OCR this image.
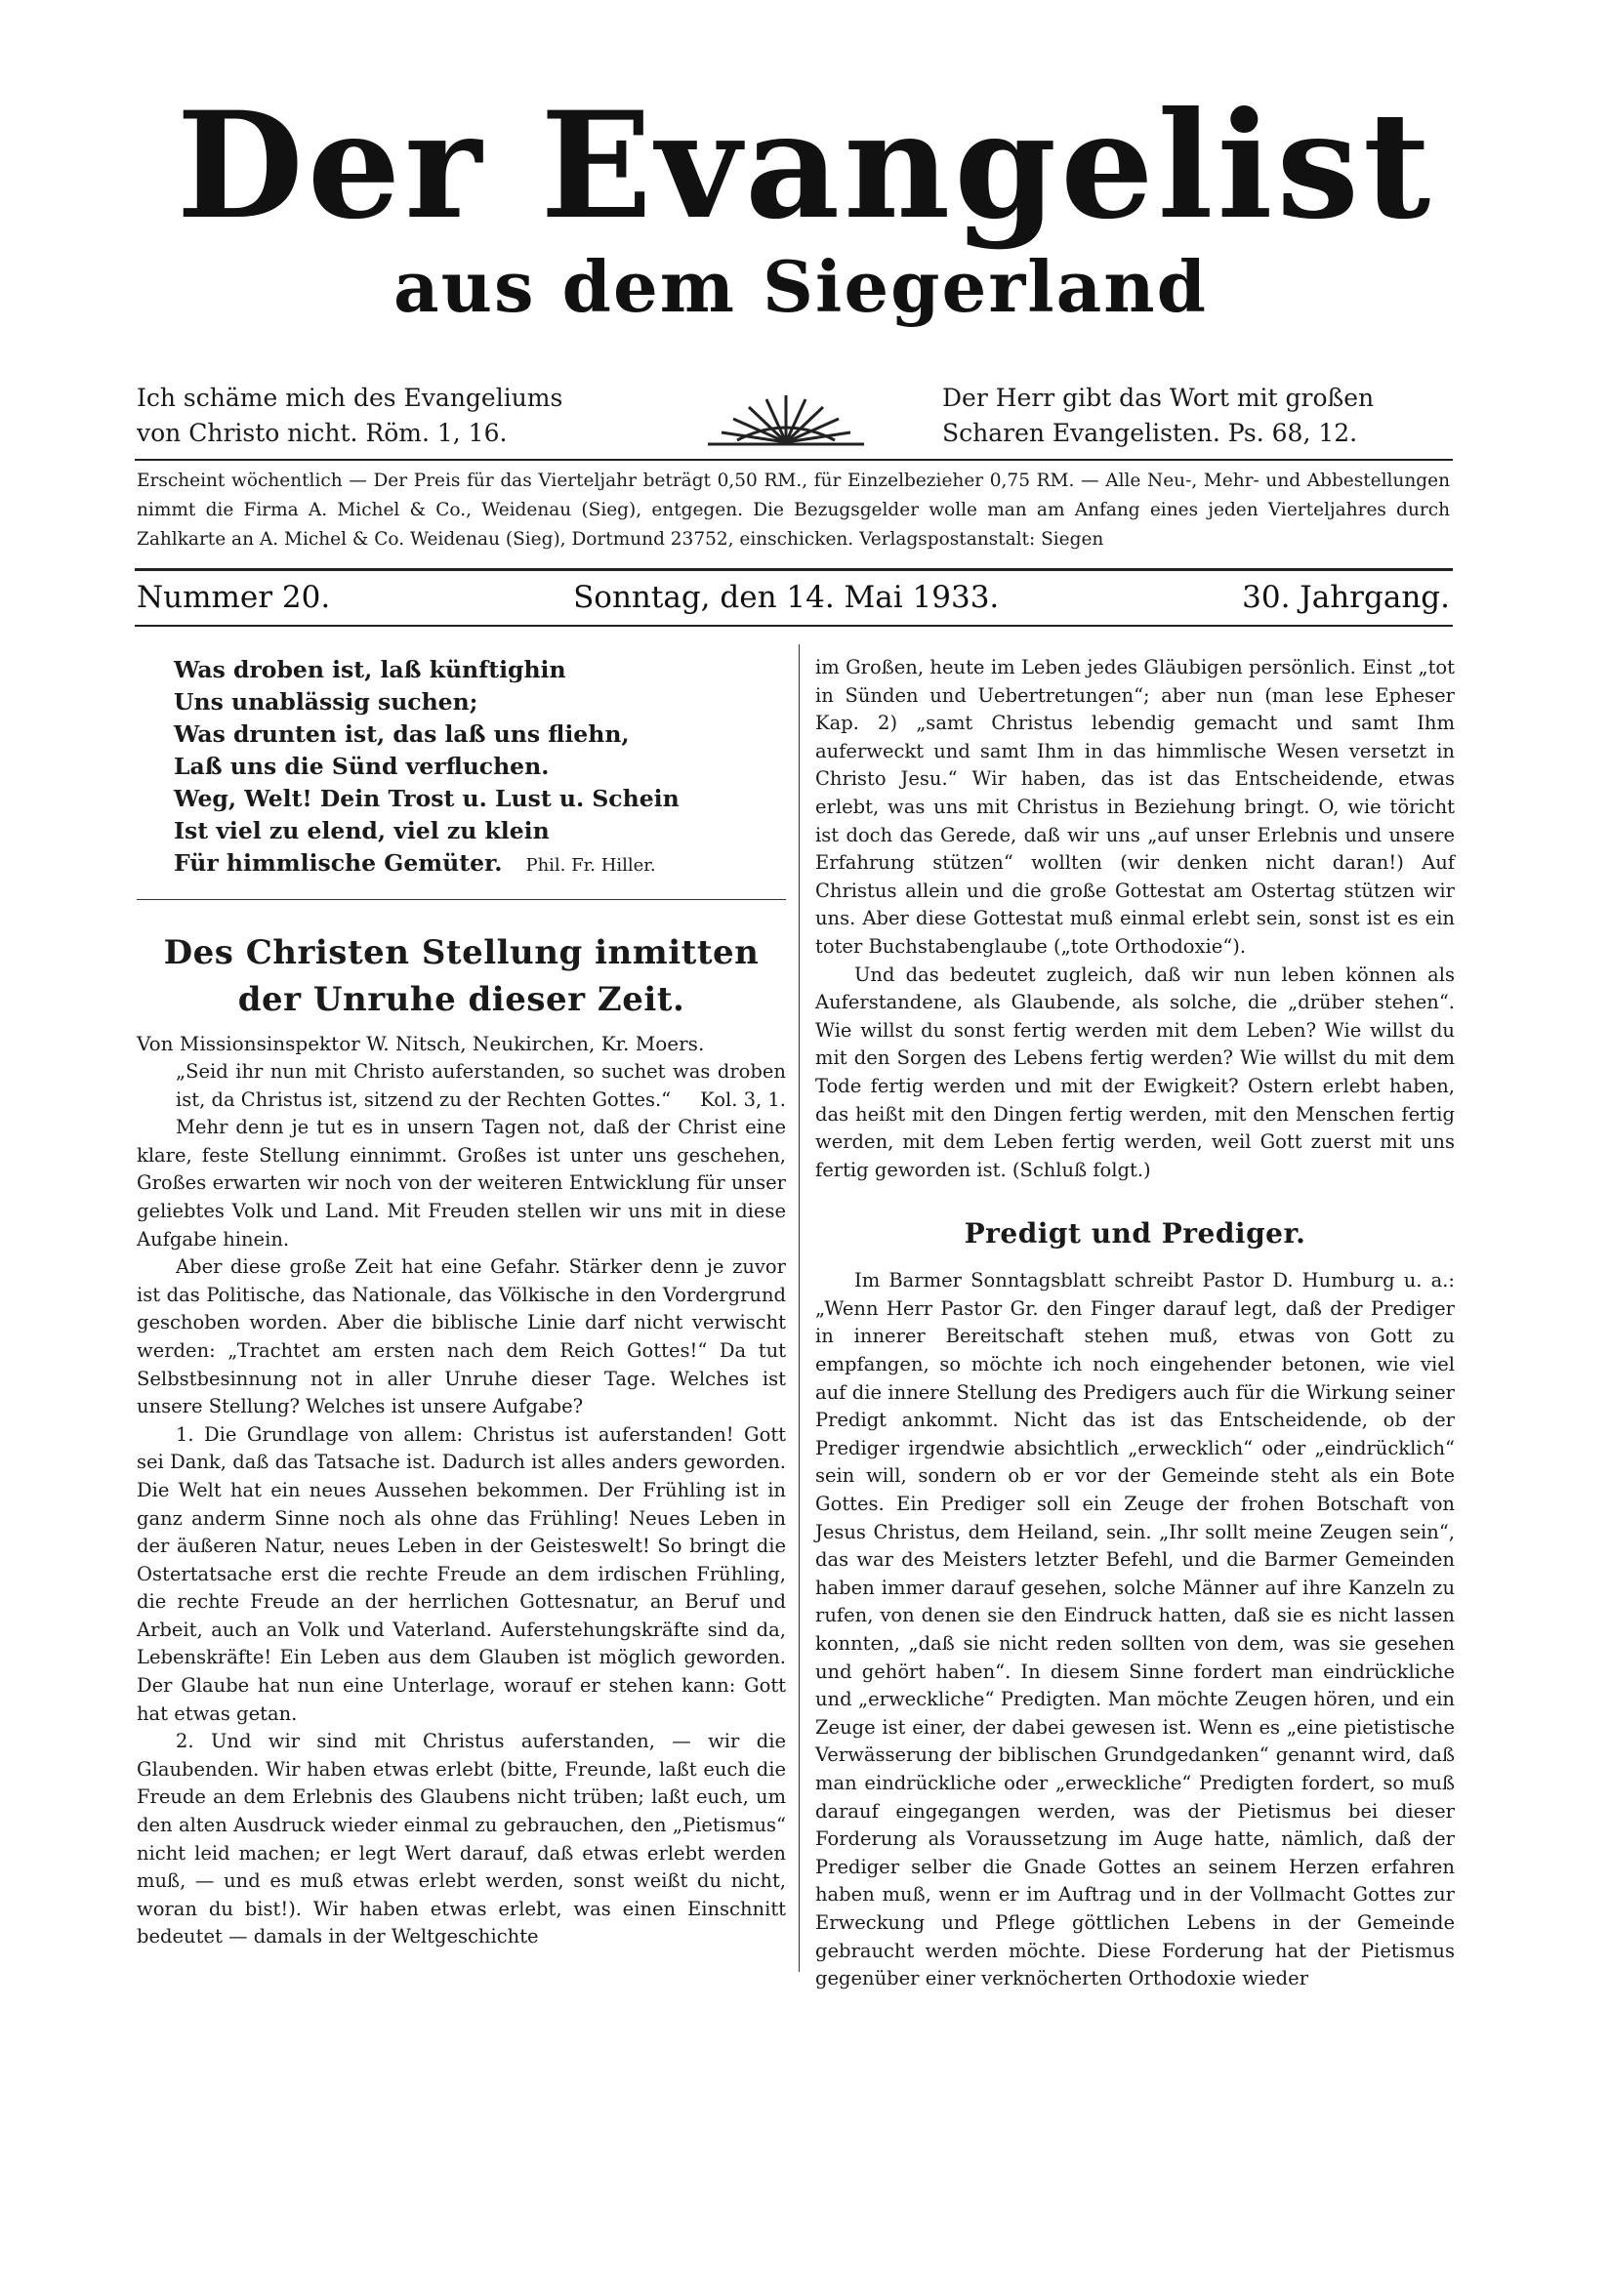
Der Evangelist
aus dem Siegerland
Ich schäme mich des Evangeliums
von Christo nicht. Röm. 1, 16.
Der Herr gibt das Wort mit großen
Scharen Evangelisten. Ps. 68, 12.
Erscheint wöchentlich — Der Preis für das Vierteljahr beträgt 0,50 RM., für Einzelbezieher 0,75 RM. — Alle Neu-, Mehr- und Abbestellungen nimmt die Firma A. Michel & Co., Weidenau (Sieg), entgegen. Die Bezugsgelder wolle man am Anfang eines jeden Vierteljahres durch Zahlkarte an A. Michel & Co. Weidenau (Sieg), Dortmund 23752, einschicken. Verlagspostanstalt: Siegen
Nummer 20.	Sonntag, den 14. Mai 1933.	30. Jahrgang.
Was droben ist, laß künftighin
Uns unablässig suchen;
Was drunten ist, das laß uns fliehn,
Laß uns die Sünd verfluchen.
Weg, Welt! Dein Trost u. Lust u. Schein
Ist viel zu elend, viel zu klein
Für himmlische Gemüter. Phil. Fr. Hiller.
Des Christen Stellung inmitten der Unruhe dieser Zeit.
Von Missionsinspektor W. Nitsch, Neukirchen, Kr. Moers.
„Seid ihr nun mit Christo auferstanden, so suchet was droben ist, da Christus ist, sitzend zu der Rechten Gottes.“ Kol. 3, 1.

Mehr denn je tut es in unsern Tagen not, daß der Christ eine klare, feste Stellung einnimmt. Großes ist unter uns geschehen, Großes erwarten wir noch von der weiteren Entwicklung für unser geliebtes Volk und Land. Mit Freuden stellen wir uns mit in diese Aufgabe hinein.

Aber diese große Zeit hat eine Gefahr. Stärker denn je zuvor ist das Politische, das Nationale, das Völkische in den Vordergrund geschoben worden. Aber die biblische Linie darf nicht verwischt werden: „Trachtet am ersten nach dem Reich Gottes!“ Da tut Selbstbesinnung not in aller Unruhe dieser Tage. Welches ist unsere Stellung? Welches ist unsere Aufgabe?

1. Die Grundlage von allem: Christus ist auferstanden! Gott sei Dank, daß das Tatsache ist. Dadurch ist alles anders geworden. Die Welt hat ein neues Aussehen bekommen. Der Frühling ist in ganz anderm Sinne noch als ohne das Frühling! Neues Leben in der äußeren Natur, neues Leben in der Geisteswelt! So bringt die Ostertatsache erst die rechte Freude an dem irdischen Frühling, die rechte Freude an der herrlichen Gottesnatur, an Beruf und Arbeit, auch an Volk und Vaterland. Auferstehungskräfte sind da, Lebenskräfte! Ein Leben aus dem Glauben ist möglich geworden. Der Glaube hat nun eine Unterlage, worauf er stehen kann: Gott hat etwas getan.

2. Und wir sind mit Christus auferstanden, — wir die Glaubenden. Wir haben etwas erlebt (bitte, Freunde, laßt euch die Freude an dem Erlebnis des Glaubens nicht trüben; laßt euch, um den alten Ausdruck wieder einmal zu gebrauchen, den „Pietismus“ nicht leid machen; er legt Wert darauf, daß etwas erlebt werden muß, — und es muß etwas erlebt werden, sonst weißt du nicht, woran du bist!). Wir haben etwas erlebt, was einen Einschnitt bedeutet — damals in der Weltgeschichte

im Großen, heute im Leben jedes Gläubigen persönlich. Einst „tot in Sünden und Uebertretungen“; aber nun (man lese Epheser Kap. 2) „samt Christus lebendig gemacht und samt Ihm auferweckt und samt Ihm in das himmlische Wesen versetzt in Christo Jesu.“ Wir haben, das ist das Entscheidende, etwas erlebt, was uns mit Christus in Beziehung bringt. O, wie töricht ist doch das Gerede, daß wir uns „auf unser Erlebnis und unsere Erfahrung stützen“ wollten (wir denken nicht daran!) Auf Christus allein und die große Gottestat am Ostertag stützen wir uns. Aber diese Gottestat muß einmal erlebt sein, sonst ist es ein toter Buchstabenglaube („tote Orthodoxie“).

Und das bedeutet zugleich, daß wir nun leben können als Auferstandene, als Glaubende, als solche, die „drüber stehen“. Wie willst du sonst fertig werden mit dem Leben? Wie willst du mit den Sorgen des Lebens fertig werden? Wie willst du mit dem Tode fertig werden und mit der Ewigkeit? Ostern erlebt haben, das heißt mit den Dingen fertig werden, mit den Menschen fertig werden, mit dem Leben fertig werden, weil Gott zuerst mit uns fertig geworden ist. (Schluß folgt.)

Predigt und Prediger.

Im Barmer Sonntagsblatt schreibt Pastor D. Humburg u. a.: „Wenn Herr Pastor Gr. den Finger darauf legt, daß der Prediger in innerer Bereitschaft stehen muß, etwas von Gott zu empfangen, so möchte ich noch eingehender betonen, wie viel auf die innere Stellung des Predigers auch für die Wirkung seiner Predigt ankommt. Nicht das ist das Entscheidende, ob der Prediger irgendwie absichtlich „erwecklich“ oder „eindrücklich“ sein will, sondern ob er vor der Gemeinde steht als ein Bote Gottes. Ein Prediger soll ein Zeuge der frohen Botschaft von Jesus Christus, dem Heiland, sein. „Ihr sollt meine Zeugen sein“, das war des Meisters letzter Befehl, und die Barmer Gemeinden haben immer darauf gesehen, solche Männer auf ihre Kanzeln zu rufen, von denen sie den Eindruck hatten, daß sie es nicht lassen konnten, „daß sie nicht reden sollten von dem, was sie gesehen und gehört haben“. In diesem Sinne fordert man eindrückliche und „erweckliche“ Predigten. Man möchte Zeugen hören, und ein Zeuge ist einer, der dabei gewesen ist. Wenn es „eine pietistische Verwässerung der biblischen Grundgedanken“ genannt wird, daß man eindrückliche oder „erweckliche“ Predigten fordert, so muß darauf eingegangen werden, was der Pietismus bei dieser Forderung als Voraussetzung im Auge hatte, nämlich, daß der Prediger selber die Gnade Gottes an seinem Herzen erfahren haben muß, wenn er im Auftrag und in der Vollmacht Gottes zur Erweckung und Pflege göttlichen Lebens in der Gemeinde gebraucht werden möchte. Diese Forderung hat der Pietismus gegenüber einer verknöcherten Orthodoxie wieder
